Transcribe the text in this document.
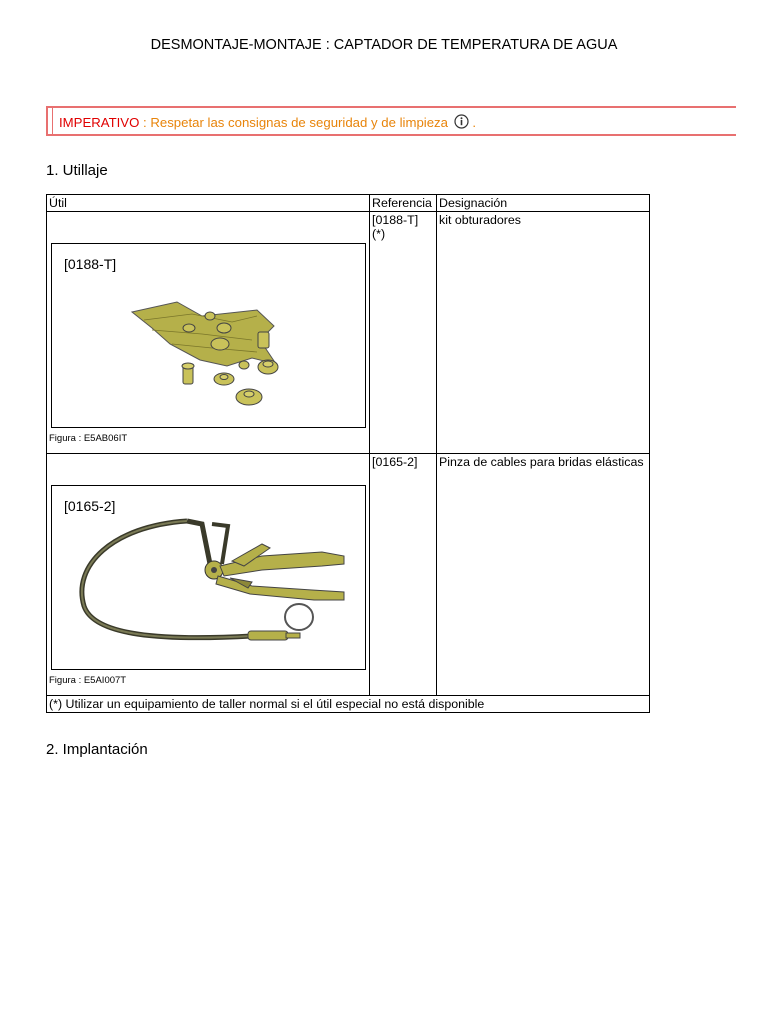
DESMONTAJE-MONTAJE : CAPTADOR DE TEMPERATURA DE AGUA
IMPERATIVO : Respetar las consignas de seguridad y de limpieza  .
1. Utillaje
Útil	Referencia	Designación

[0188-T]
Figura : E5AB06IT	[0188-T] (*)	kit obturadores

[0165-2]
Figura : E5AI007T	[0165-2]	Pinza de cables para bridas elásticas
(*) Utilizar un equipamiento de taller normal si el útil especial no está disponible		
2. Implantación
